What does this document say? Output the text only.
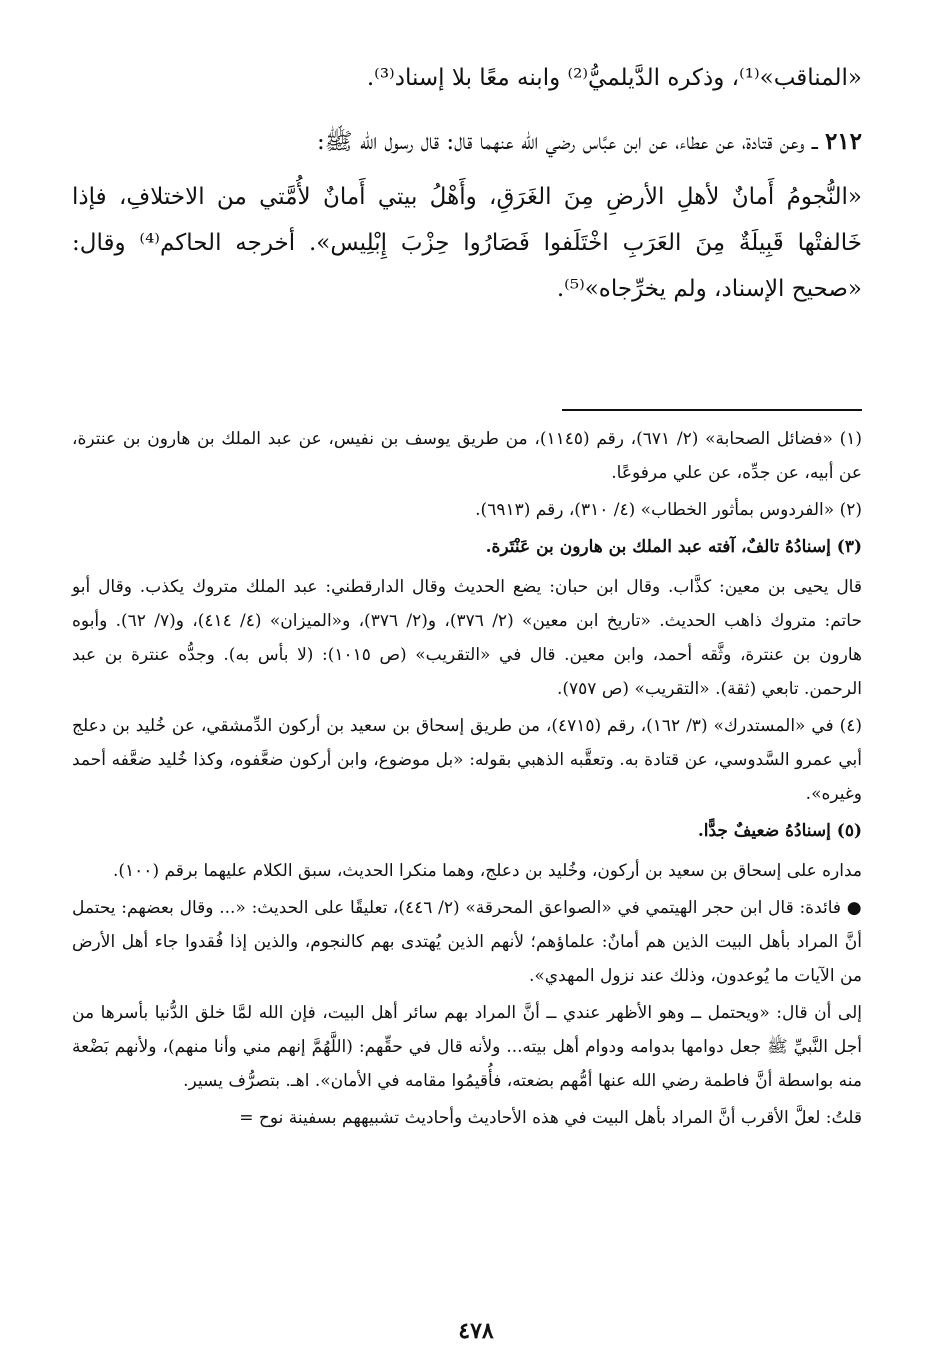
«المناقب»⁽¹⁾، وذكره الدَّيلميُّ⁽²⁾ وابنه معًا بلا إسناد⁽³⁾.

٢١٢ ــ وعن قتادة، عن عطاء، عن ابن عبَّاس رضي الله عنهما قال: قال رسول الله ﷺ:

«النُّجومُ أَمانٌ لأهلِ الأرضِ مِنَ الغَرَقِ، وأَهْلُ بيتي أَمانٌ لأُمَّتي من الاختلافِ، فإذا خَالفتْها قَبِيلَةٌ مِنَ العَرَبِ اخْتَلَفوا فَصَارُوا حِزْبَ إِبْلِيس». أخرجه الحاكم⁽⁴⁾ وقال: «صحيح الإسناد، ولم يخرِّجاه»⁽⁵⁾.

(١) «فضائل الصحابة» (٢/ ٦٧١)، رقم (١١٤٥)، من طريق يوسف بن نفيس، عن عبد الملك بن هارون بن عنترة، عن أبيه، عن جدِّه، عن علي مرفوعًا.

(٢) «الفردوس بمأثور الخطاب» (٤/ ٣١٠)، رقم (٦٩١٣).

(٣) إسنادُهُ تالفٌ، آفته عبد الملك بن هارون بن عَنْتَرة.

قال يحيى بن معين: كذَّاب. وقال ابن حبان: يضع الحديث وقال الدارقطني: عبد الملك متروك يكذب. وقال أبو حاتم: متروك ذاهب الحديث. «تاريخ ابن معين» (٢/ ٣٧٦)، و(٢/ ٣٧٦)، و«الميزان» (٤/ ٤١٤)، و(٧/ ٦٢). وأبوه هارون بن عنترة، وثَّقه أحمد، وابن معين. قال في «التقريب» (ص ١٠١٥): (لا بأس به). وجدُّه عنترة بن عبد الرحمن. تابعي (ثقة). «التقريب» (ص ٧٥٧).

(٤) في «المستدرك» (٣/ ١٦٢)، رقم (٤٧١٥)، من طريق إسحاق بن سعيد بن أركون الدِّمشقي، عن خُليد بن دعلج أبي عمرو السَّدوسي، عن قتادة به. وتعقَّبه الذهبي بقوله: «بل موضوع، وابن أركون ضعَّفوه، وكذا خُليد ضعَّفه أحمد وغيره».

(٥) إسنادُهُ ضعيفٌ جدًّا.

مداره على إسحاق بن سعيد بن أركون، وخُليد بن دعلج، وهما منكرا الحديث، سبق الكلام عليهما برقم (١٠٠).

● فائدة: قال ابن حجر الهيتمي في «الصواعق المحرقة» (٢/ ٤٤٦)، تعليقًا على الحديث: «... وقال بعضهم: يحتمل أنَّ المراد بأهل البيت الذين هم أمانٌ: علماؤهم؛ لأنهم الذين يُهتدى بهم كالنجوم، والذين إذا فُقدوا جاء أهل الأرض من الآيات ما يُوعدون، وذلك عند نزول المهدي».

إلى أن قال: «ويحتمل ــ وهو الأظهر عندي ــ أنَّ المراد بهم سائر أهل البيت، فإن الله لمَّا خلق الدُّنيا بأسرها من أجل النَّبيِّ ﷺ جعل دوامها بدوامه ودوام أهل بيته... ولأنه قال في حقِّهم: (اللَّهُمَّ إنهم مني وأنا منهم)، ولأنهم بَضْعة منه بواسطة أنَّ فاطمة رضي الله عنها أمُّهم بضعته، فأُقيمُوا مقامه في الأمان». اهـ. بتصرُّف يسير.

قلتُ: لعلَّ الأقرب أنَّ المراد بأهل البيت في هذه الأحاديث وأحاديث تشبيههم بسفينة نوح =

٤٧٨
